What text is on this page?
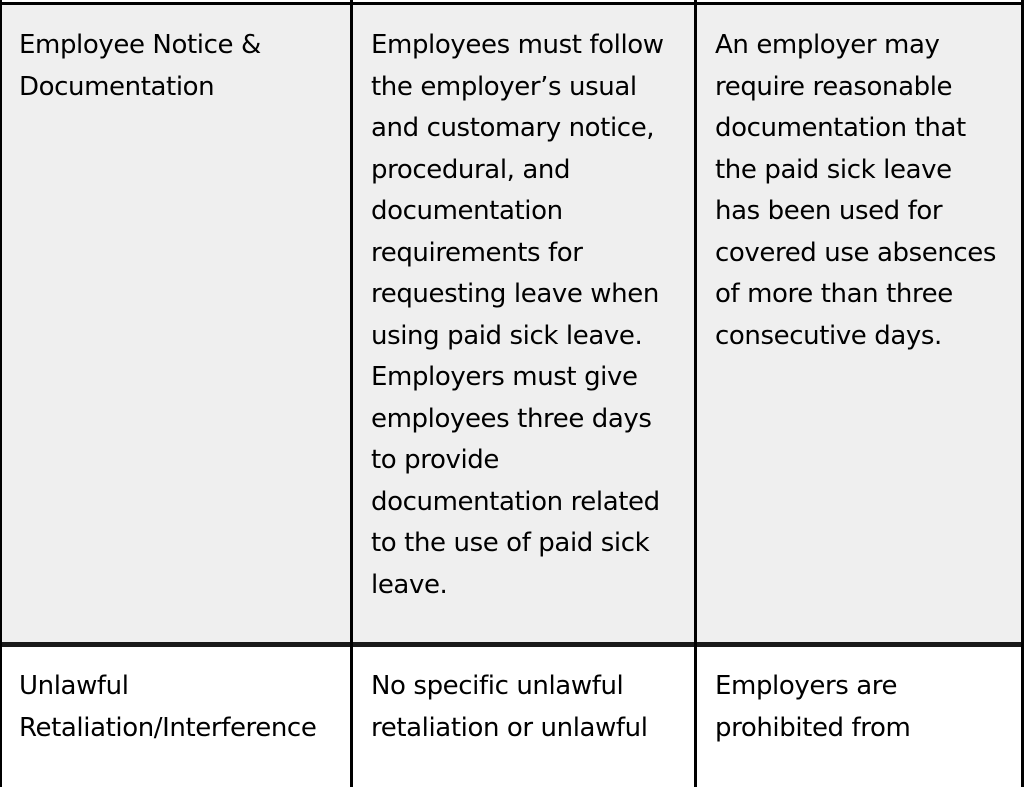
Employee Notice &
Documentation
Employees must follow
the employer’s usual
and customary notice,
procedural, and
documentation
requirements for
requesting leave when
using paid sick leave.
Employers must give
employees three days
to provide
documentation related
to the use of paid sick
leave.
An employer may
require reasonable
documentation that
the paid sick leave
has been used for
covered use absences
of more than three
consecutive days.
Unlawful
Retaliation/Interference
No specific unlawful
retaliation or unlawful
Employers are
prohibited from
